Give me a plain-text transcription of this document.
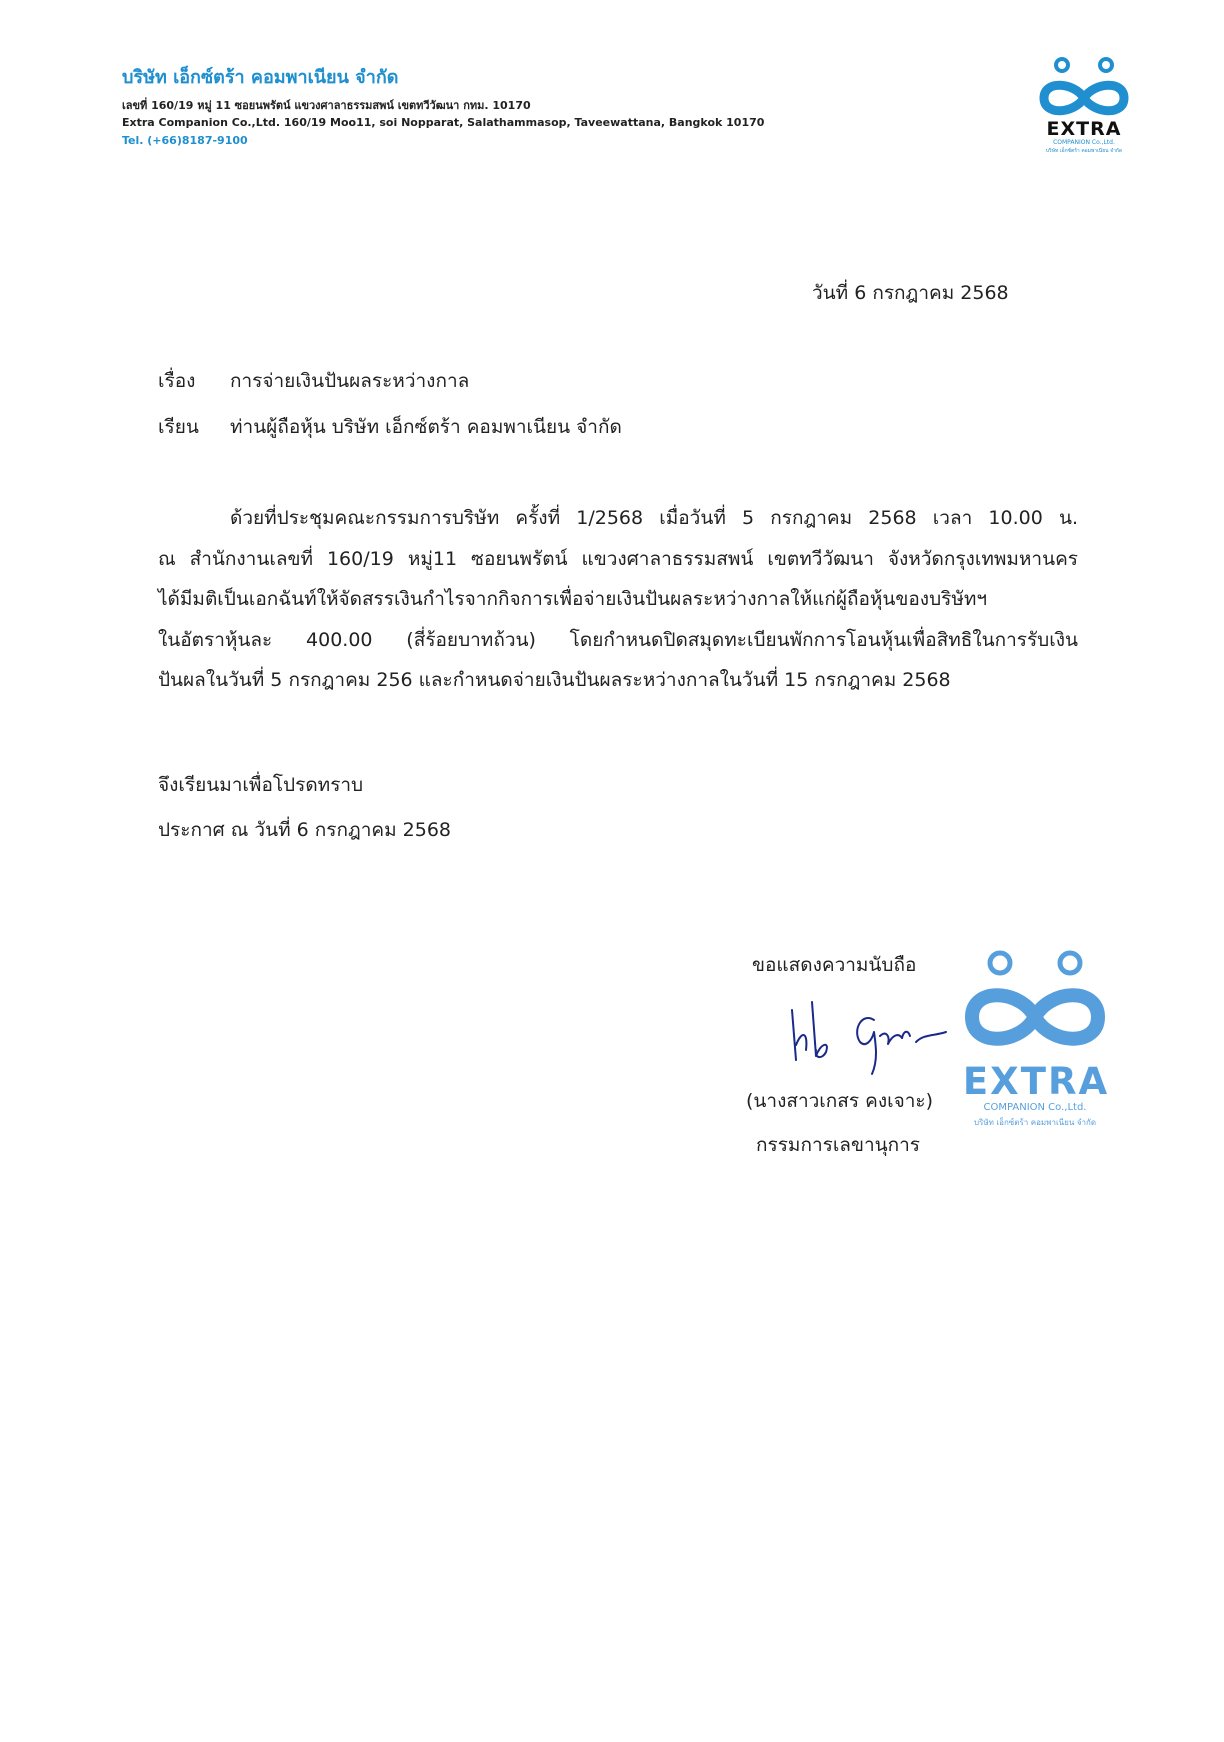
บริษัท เอ็กซ์ตร้า คอมพาเนียน จำกัด
เลขที่ 160/19 หมู่ 11 ซอยนพรัตน์ แขวงศาลาธรรมสพน์ เขตทวีวัฒนา กทม. 10170
Extra Companion Co.,Ltd. 160/19 Moo11, soi Nopparat, Salathammasop, Taveewattana, Bangkok 10170
Tel. (+66)8187-9100
EXTRA
COMPANION Co.,Ltd.
บริษัท เอ็กซ์ตร้า คอมพาเนียน จำกัด
วันที่ 6 กรกฎาคม 2568
เรื่อง การจ่ายเงินปันผลระหว่างกาล
เรียน ท่านผู้ถือหุ้น บริษัท เอ็กซ์ตร้า คอมพาเนียน จำกัด
ด้วยที่ประชุมคณะกรรมการบริษัท ครั้งที่ 1/2568 เมื่อวันที่ 5 กรกฎาคม 2568 เวลา 10.00 น.
ณ สำนักงานเลขที่ 160/19 หมู่11 ซอยนพรัตน์ แขวงศาลาธรรมสพน์ เขตทวีวัฒนา จังหวัดกรุงเทพมหานคร
ได้มีมติเป็นเอกฉันท์ให้จัดสรรเงินกำไรจากกิจการเพื่อจ่ายเงินปันผลระหว่างกาลให้แก่ผู้ถือหุ้นของบริษัทฯ
ในอัตราหุ้นละ 400.00 (สี่ร้อยบาทถ้วน) โดยกำหนดปิดสมุดทะเบียนพักการโอนหุ้นเพื่อสิทธิในการรับเงิน
ปันผลในวันที่ 5 กรกฎาคม 256 และกำหนดจ่ายเงินปันผลระหว่างกาลในวันที่ 15 กรกฎาคม 2568
จึงเรียนมาเพื่อโปรดทราบ
ประกาศ ณ วันที่ 6 กรกฎาคม 2568
ขอแสดงความนับถือ
EXTRA
COMPANION Co.,Ltd.
บริษัท เอ็กซ์ตร้า คอมพาเนียน จำกัด
(นางสาวเกสร คงเจาะ)
กรรมการเลขานุการ
